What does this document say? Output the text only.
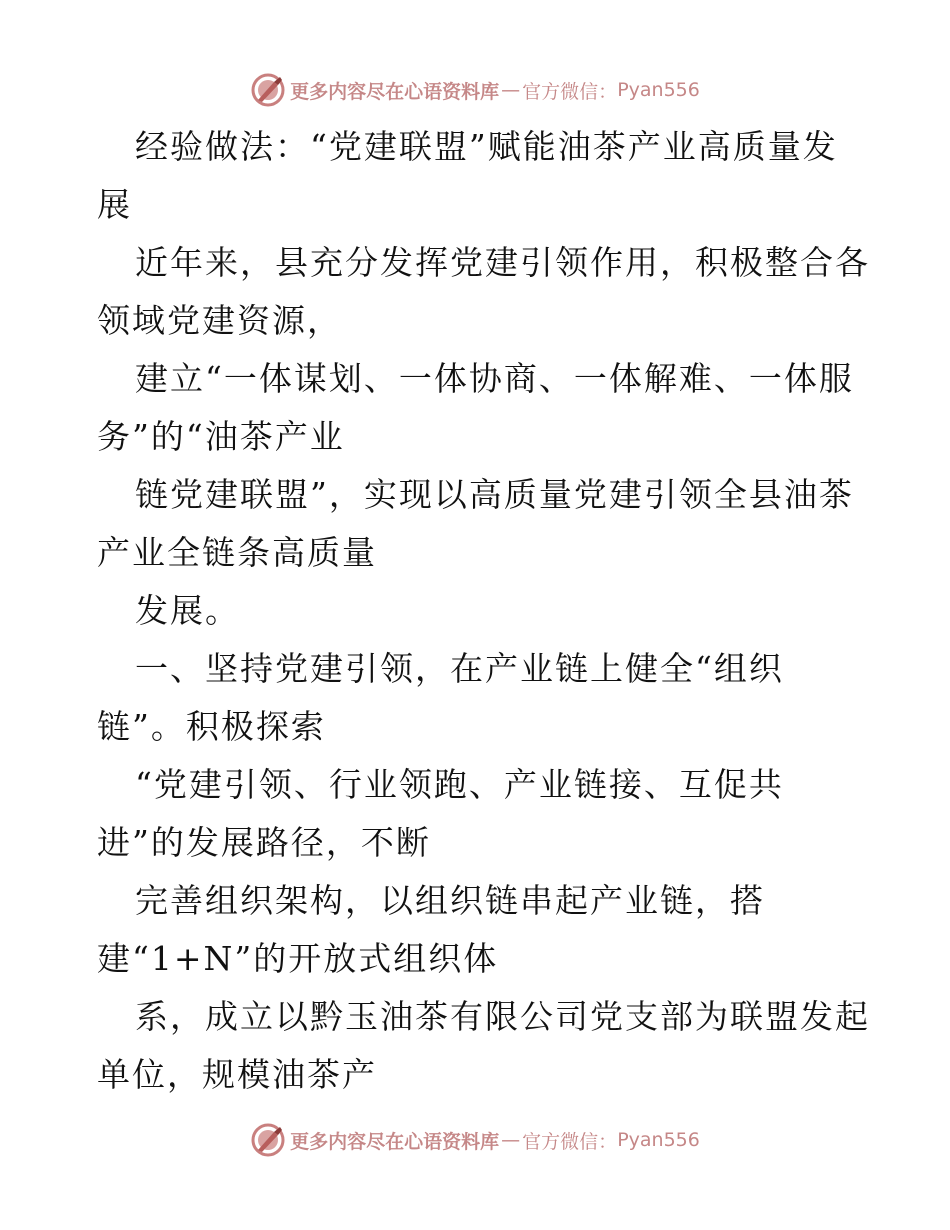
更多内容尽在心语资料库 — 官方微信： Pyan556
经验做法：“党建联盟”赋能油茶产业高质量发
展
近年来，县充分发挥党建引领作用，积极整合各
领域党建资源，
建立“一体谋划、一体协商、一体解难、一体服
务”的“油茶产业
链党建联盟”，实现以高质量党建引领全县油茶
产业全链条高质量
发展。
一、坚持党建引领，在产业链上健全“组织
链”。积极探索
“党建引领、行业领跑、产业链接、互促共
进”的发展路径，不断
完善组织架构，以组织链串起产业链，搭
建“1+N”的开放式组织体
系，成立以黔玉油茶有限公司党支部为联盟发起
单位，规模油茶产
更多内容尽在心语资料库 — 官方微信： Pyan556
